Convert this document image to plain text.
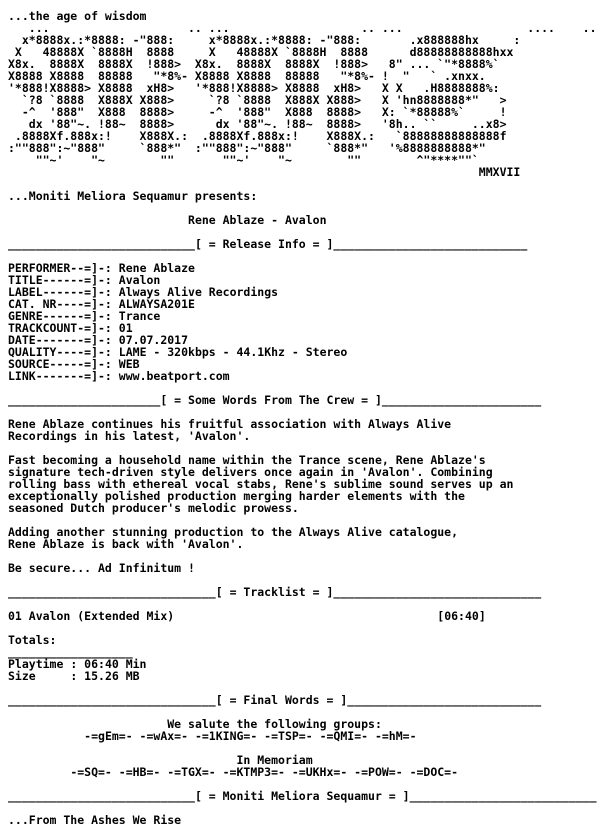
...the age of wisdom
...                    .. ...                   .. ...                  ....    ..
x*8888x.:*8888: -"888:     x*8888x.:*8888: -"888:       .x888888hx     :
X   48888X `8888H  8888     X   48888X `8888H  8888      d88888888888hxx
X8x.  8888X  8888X  !888>  X8x.  8888X  8888X  !888>   8" ... `"*8888%`
X8888 X8888  88888   "*8%- X8888 X8888  88888   "*8%- !  "   ` .xnxx.
'*888!X8888> X8888  xH8>   '*888!X8888> X8888  xH8>   X X   .H8888888%:
`?8 `8888  X888X X888>     `?8 `8888  X888X X888>   X 'hn8888888*"   >
-^  '888"  X888  8888>     -^  '888"  X888  8888>   X: `*88888%`     !
dx '88"~. !88~  8888>      dx '88"~. !88~  8888>   '8h.. ``     ..x8>
.8888Xf.888x:!    X888X.:  .8888Xf.888x:!    X888X.:   `88888888888888f
:""888":~"888"     `888*"  :""888":~"888"     `888*"   '%8888888888*"
""~'    "~        ""       ""~'    "~        ""        ^"****""`
MMXVII

...Moniti Meliora Sequamur presents:

Rene Ablaze - Avalon

___________________________[ = Release Info = ]____________________________

PERFORMER--=]-: Rene Ablaze
TITLE------=]-: Avalon
LABEL------=]-: Always Alive Recordings
CAT. NR----=]-: ALWAYSA201E
GENRE------=]-: Trance
TRACKCOUNT-=]-: 01
DATE-------=]-: 07.07.2017
QUALITY----=]-: LAME - 320kbps - 44.1Khz - Stereo
SOURCE-----=]-: WEB
LINK-------=]-: www.beatport.com

______________________[ = Some Words From The Crew = ]_______________________

Rene Ablaze continues his fruitful association with Always Alive
Recordings in his latest, 'Avalon'.

Fast becoming a household name within the Trance scene, Rene Ablaze's
signature tech-driven style delivers once again in 'Avalon'. Combining
rolling bass with ethereal vocal stabs, Rene's sublime sound serves up an
exceptionally polished production merging harder elements with the
seasoned Dutch producer's melodic prowess.

Adding another stunning production to the Always Alive catalogue,
Rene Ablaze is back with 'Avalon'.

Be secure... Ad Infinitum !

______________________________[ = Tracklist = ]______________________________

01 Avalon (Extended Mix)	[06:40]

Totals:
__________________
Playtime : 06:40 Min
Size     : 15.26 MB

______________________________[ = Final Words = ]____________________________

We salute the following groups:
-=gEm=- -=wAx=- -=1KING=- -=TSP=- -=QMI=- -=hM=-

In Memoriam
-=SQ=- -=HB=- -=TGX=- -=KTMP3=- -=UKHx=- -=POW=- -=DOC=-

___________________________[ = Moniti Meliora Sequamur = ]___________________________

...From The Ashes We Rise
